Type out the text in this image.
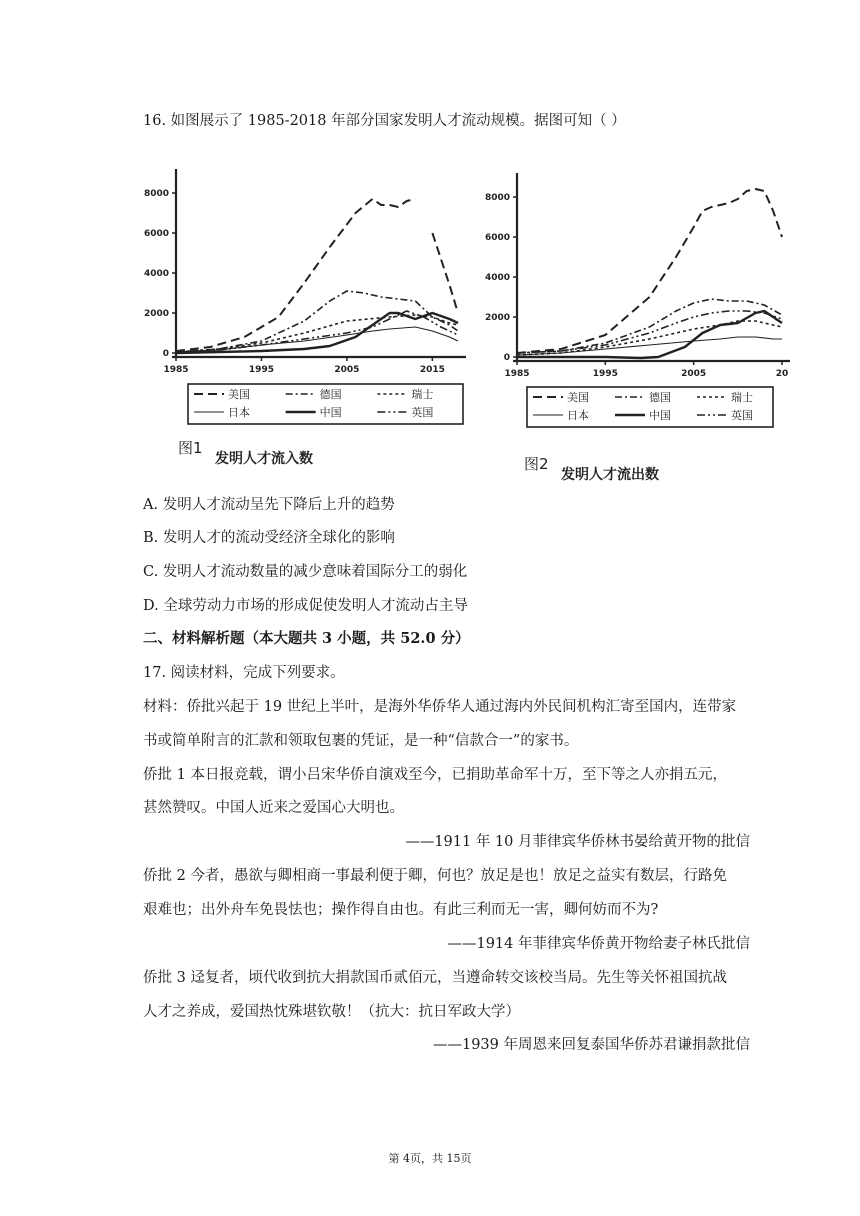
16. 如图展示了 1985-2018 年部分国家发明人才流动规模。据图可知（ ）
0
2000
4000
6000
8000
1985	1995	2005	2015
美国	德国	瑞士
日本	中国	英国
图1
发明人才流入数
0
2000
4000
6000
8000
1985	1995	2005	20
美国	德国	瑞士
日本	中国	英国
图2
发明人才流出数
A. 发明人才流动呈先下降后上升的趋势
B. 发明人才的流动受经济全球化的影响
C. 发明人才流动数量的减少意味着国际分工的弱化
D. 全球劳动力市场的形成促使发明人才流动占主导
二、材料解析题（本大题共 3 小题，共 52.0 分）
17. 阅读材料，完成下列要求。
材料：侨批兴起于 19 世纪上半叶，是海外华侨华人通过海内外民间机构汇寄至国内，连带家
书或简单附言的汇款和领取包裹的凭证，是一种“信款合一”的家书。
侨批 1 本日报竞载，谓小吕宋华侨自演戏至今，已捐助革命军十万，至下等之人亦捐五元，
甚然赞叹。中国人近来之爱国心大明也。
——1911 年 10 月菲律宾华侨林书晏给黄开物的批信
侨批 2 今者，愚欲与卿相商一事最利便于卿，何也？放足是也！放足之益实有数层，行路免
艰难也；出外舟车免畏怯也；操作得自由也。有此三利而无一害，卿何妨而不为?
——1914 年菲律宾华侨黄开物给妻子林氏批信
侨批 3 迳复者，顷代收到抗大捐款国币贰佰元，当遵命转交该校当局。先生等关怀祖国抗战
人才之养成，爱国热忱殊堪钦敬！（抗大：抗日军政大学）
——1939 年周恩来回复泰国华侨苏君谦捐款批信
第 4页，共 15页
